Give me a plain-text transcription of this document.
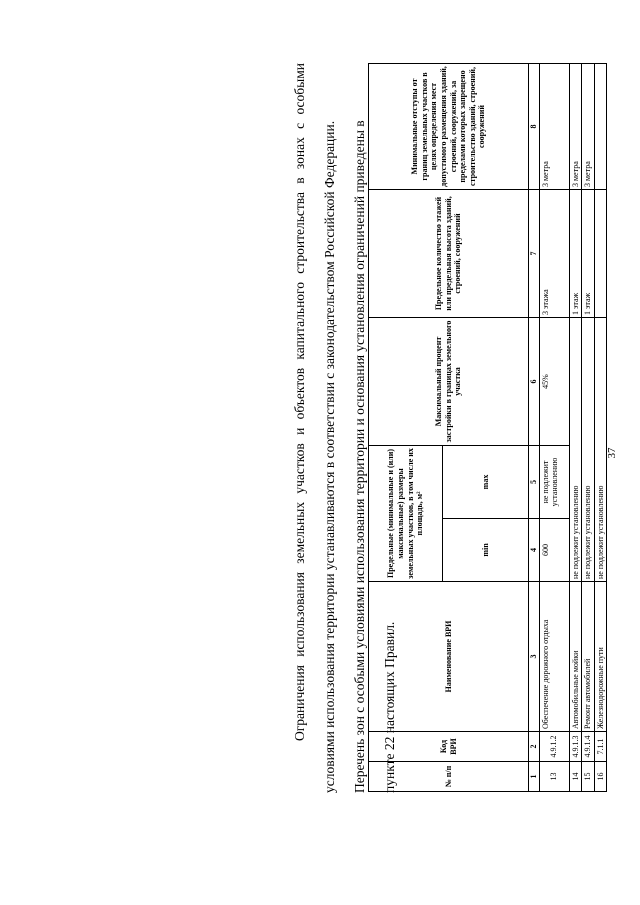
37
№ п/п	Код ВРИ	Наименование ВРИ	Предельные (минимальные и (или) максимальные) размеры земельных участков, в том числе их площадь, м²		Максимальный процент застройки в границах земельного участка	Предельное количество этажей или предельная высота зданий, строений, сооружений	Минимальные отступы от границ земельных участков в целях определения мест допустимого размещения зданий, строений, сооружений, за пределами которых запрещено строительство зданий, строений, сооружений
			min	max			
1	2	3	4	5	6	7	8
13	4.9.1.2	Обеспечение дорожного отдыха	600	не подлежит установлению	45%	3 этажа	3 метра
14	4.9.1.3	Автомобильные мойки	не подлежит установлению			1 этаж	3 метра
15	4.9.1.4	Ремонт автомобилей	не подлежит установлению			1 этаж	3 метра
16	7.1.1	Железнодорожные пути	не подлежит установлению				
Ограничения использования земельных участков и объектов капитального строительства в зонах с особыми условиями использования территории устанавливаются в соответствии с законодательством Российской Федерации.	Перечень зон с особыми условиями использования территории и основания установления ограничений приведены в	пункте 22 настоящих Правил.
